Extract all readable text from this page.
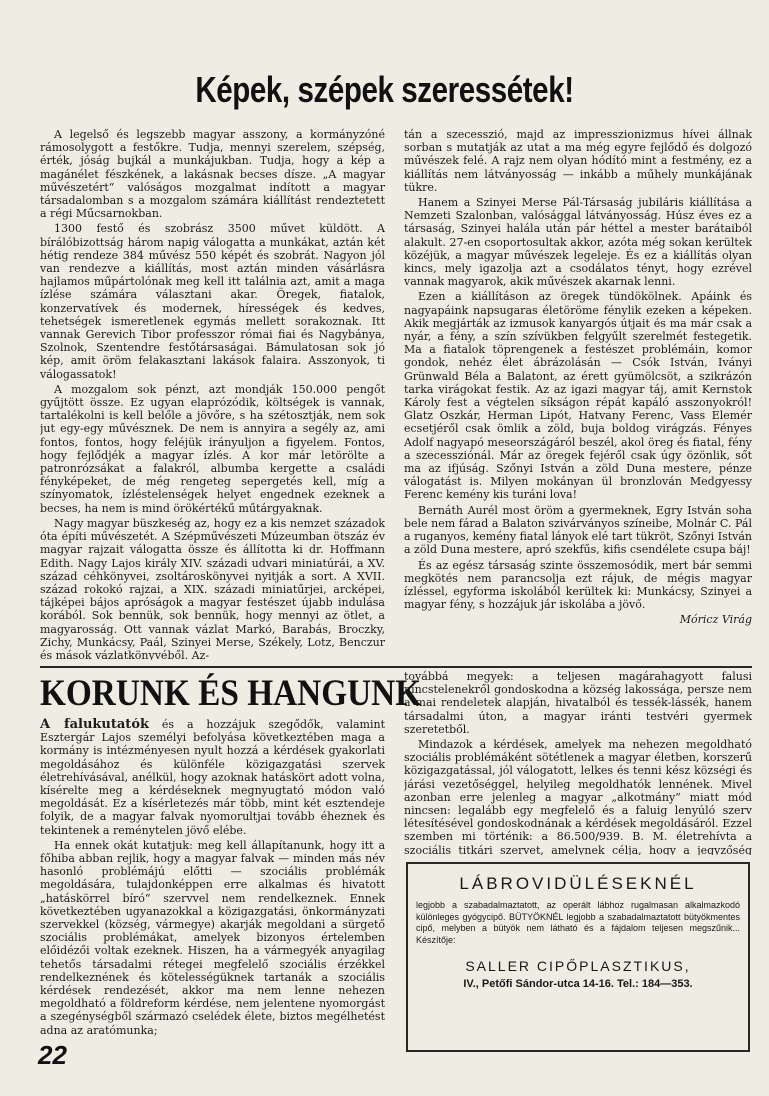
Képek, szépek szeressétek!

A legelső és legszebb magyar asszony, a kormányzóné rámosolygott a festőkre. Tudja, mennyi szerelem, szépség, érték, jóság bujkál a munkájukban. Tudja, hogy a kép a magánélet fészkének, a lakásnak becses dísze. „A magyar művészetért“ valóságos mozgalmat indított a magyar társadalomban s a mozgalom számára kiállítást rendeztetett a régi Műcsarnokban.

1300 festő és szobrász 3500 művet küldött. A bírálóbizottság három napig válogatta a munkákat, aztán két hétig rendeze 384 művész 550 képét és szobrát. Nagyon jól van rendezve a kiállítás, most aztán minden vásárlásra hajlamos műpártolónak meg kell itt találnia azt, amit a maga ízlése számára választani akar. Öregek, fiatalok, konzervatívek és modernek, hírességek és kedves, tehetségek ismeretlenek egymás mellett sorakoznak. Itt vannak Gerevich Tibor professzor római fiai és Nagybánya, Szolnok, Szentendre festőtársaságai. Bámulatosan sok jó kép, amit öröm felakasztani lakások falaira. Asszonyok, ti válogassatok!

A mozgalom sok pénzt, azt mondják 150.000 pengőt gyűjtött össze. Ez ugyan elaprózódik, költségek is vannak, tartalékolni is kell belőle a jövőre, s ha szétosztják, nem sok jut egy-egy művésznek. De nem is annyira a segély az, ami fontos, fontos, hogy feléjük irányuljon a figyelem. Fontos, hogy fejlődjék a magyar ízlés. A kor már letörölte a patronrózsákat a falakról, albumba kergette a családi fényképeket, de még rengeteg sepergetés kell, míg a színyomatok, ízléstelenségek helyet engednek ezeknek a becses, ha nem is mind örökértékű műtárgyaknak.

Nagy magyar büszkeség az, hogy ez a kis nemzet századok óta építi művészetét. A Szépművészeti Múzeumban ötszáz év magyar rajzait válogatta össze és állította ki dr. Hoffmann Edith. Nagy Lajos király XIV. századi udvari miniatúrái, a XV. század céhkönyvei, zsoltároskönyvei nyitják a sort. A XVII. század rokokó rajzai, a XIX. századi miniatűrjei, arcképei, tájképei bájos apróságok a magyar festészet újabb indulása korából. Sok bennük, sok bennük, hogy mennyi az ötlet, a magyarosság. Ott vannak vázlat Markó, Barabás, Broczky, Zichy, Munkácsy, Paál, Szinyei Merse, Székely, Lotz, Benczur és mások vázlatkönyvéből. Az-

tán a szecesszió, majd az impresszionizmus hívei állnak sorban s mutatják az utat a ma még egyre fejlődő és dolgozó művészek felé. A rajz nem olyan hódító mint a festmény, ez a kiállítás nem látványosság — inkább a műhely munkájának tükre.

Hanem a Szinyei Merse Pál-Társaság jubiláris kiállítása a Nemzeti Szalonban, valósággal látványosság. Húsz éves ez a társaság, Szinyei halála után pár héttel a mester barátaiból alakult. 27-en csoportosultak akkor, azóta még sokan kerültek közéjük, a magyar művészek legeleje. És ez a kiállítás olyan kincs, mely igazolja azt a csodálatos tényt, hogy ezrével vannak magyarok, akik művészek akarnak lenni.

Ezen a kiállításon az öregek tündökölnek. Apáink és nagyapáink napsugaras életöröme fénylik ezeken a képeken. Akik megjárták az izmusok kanyargós útjait és ma már csak a nyár, a fény, a szín szívükben felgyűlt szerelmét festegetik. Ma a fiatalok töprengenek a festészet problémáin, komor gondok, nehéz élet ábrázolásán — Csók István, Iványi Grünwald Béla a Balatont, az érett gyümölcsöt, a szikrázón tarka virágokat festik. Az az igazi magyar táj, amit Kernstok Károly fest a végtelen síkságon répát kapáló asszonyokról! Glatz Oszkár, Herman Lipót, Hatvany Ferenc, Vass Elemér ecsetjéről csak ömlik a zöld, buja boldog virágzás. Fényes Adolf nagyapó meseországáról beszél, akol öreg és fiatal, fény a szecessziónál. Már az öregek fejéről csak úgy özönlik, sőt ma az ifjúság. Szőnyi István a zöld Duna mestere, pénze válogatást is. Milyen mokányan ül bronzlován Medgyessy Ferenc kemény kis turáni lova!

Bernáth Aurél most öröm a gyermeknek, Egry István soha bele nem fárad a Balaton szivárványos színeibe, Molnár C. Pál a ruganyos, kemény fiatal lányok elé tart tükröt, Szőnyi István a zöld Duna mestere, apró szekfűs, kifis csendélete csupa báj!

És az egész társaság szinte összemosódik, mert bár semmi megkötés nem parancsolja ezt rájuk, de mégis magyar ízléssel, egyforma iskolából kerültek ki: Munkácsy, Szinyei a magyar fény, s hozzájuk jár iskolába a jövő.

Móricz Virág
KORUNK ÉS HANGUNK

A falukutatók és a hozzájuk szegődők, valamint Esztergár Lajos személyi befolyása következtében maga a kormány is intézményesen nyult hozzá a kérdések gyakorlati megoldásához és különféle közigazgatási szervek életrehívásával, anélkül, hogy azoknak hatáskört adott volna, kísérelte meg a kérdéseknek megnyugtató módon való megoldását. Ez a kísérletezés már több, mint két esztendeje folyik, de a magyar falvak nyomorultjai tovább éheznek és tekintenek a reménytelen jövő elébe.

Ha ennek okát kutatjuk: meg kell állapítanunk, hogy itt a főhiba abban rejlik, hogy a magyar falvak — minden más név hasonló problémájú előtti — szociális problémák megoldására, tulajdonképpen erre alkalmas és hivatott „hatáskörrel bíró“ szervvel nem rendelkeznek. Ennek következtében ugyanazokkal a közigazgatási, önkormányzati szervekkel (község, vármegye) akarják megoldani a sürgető szociális problémákat, amelyek bizonyos értelemben előidézői voltak ezeknek. Hiszen, ha a vármegyék anyagilag tehetős társadalmi rétegei megfelelő szociális érzékkel rendelkeznének és kötelességüknek tartanák a szociális kérdések rendezését, akkor ma nem lenne nehezen megoldható a földreform kérdése, nem jelentene nyomorgást a szegénységből származó cselédek élete, biztos megélhetést adna az aratómunka;

továbbá megyek: a teljesen magárahagyott falusi nincstelenekről gondoskodna a község lakossága, persze nem a mai rendeletek alapján, hivatalból és tessék-lássék, hanem társadalmi úton, a magyar iránti testvéri gyermek szeretetből.

Mindazok a kérdések, amelyek ma nehezen megoldható szociális problémáként sötétlenek a magyar életben, korszerű közigazgatással, jól válogatott, lelkes és tenni kész községi és járási vezetőséggel, helyileg megoldhatók lennének. Mivel azonban erre jelenleg a magyar „alkotmány“ miatt mód nincsen: legalább egy megfelelő és a faluig lenyúló szerv létesítésével gondoskodnának a kérdések megoldásáról. Ezzel szemben mi történik: a 86.500/939. B. M. életrehívta a szociális titkári szervet, amelynek célja, hogy a jegyzőség

LÁBROVIDÜLÉSEKNÉL
legjobb a szabadalmaztatott, az operált lábhoz rugalmasan alkalmazkodó különleges gyógycipő. BÜTYÖKNÉL legjobb a szabadalmaztatott bütyökmentes cipő, melyben a bütyök nem látható és a fájdalom teljesen megszűnik... Készítője:
SALLER CIPŐPLASZTIKUS,
IV., Petőfi Sándor-utca 14-16. Tel.: 184—353.
22
